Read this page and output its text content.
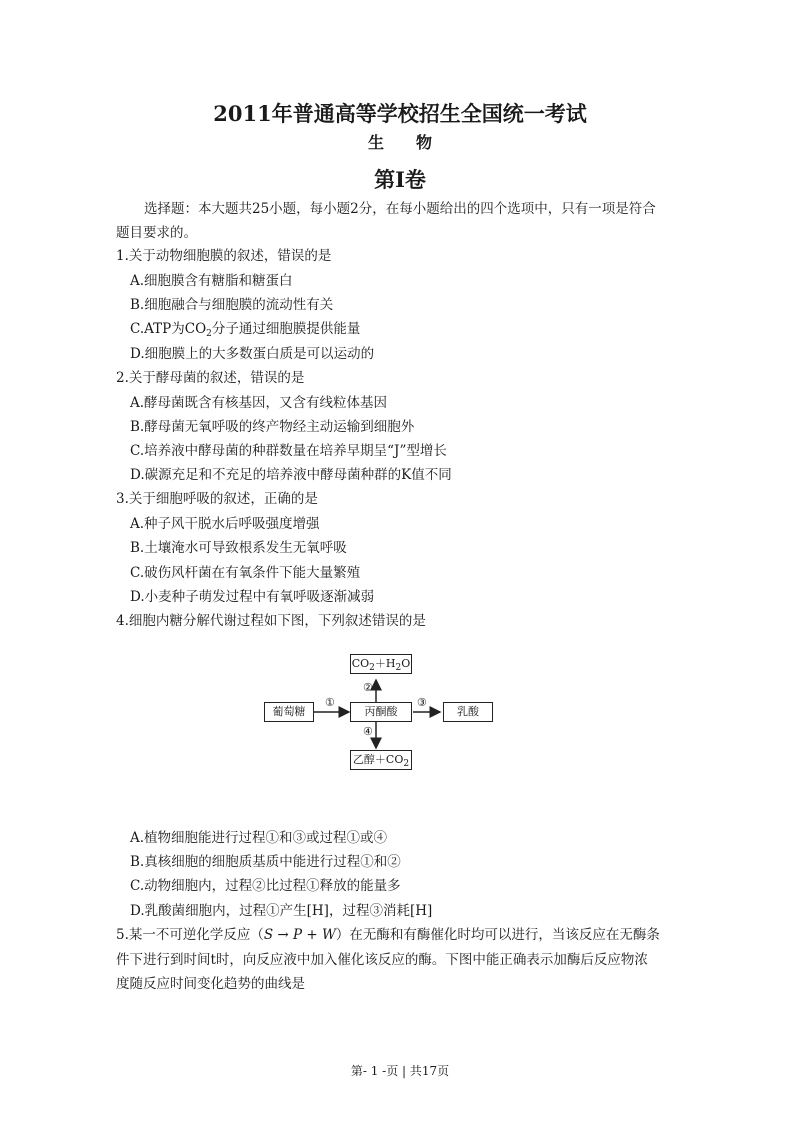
2011年普通高等学校招生全国统一考试
生　　物
第I卷
选择题：本大题共25小题，每小题2分，在每小题给出的四个选项中，只有一项是符合
题目要求的。
1.关于动物细胞膜的叙述，错误的是
A.细胞膜含有糖脂和糖蛋白
B.细胞融合与细胞膜的流动性有关
C.ATP为$CO_2$分子通过细胞膜提供能量
D.细胞膜上的大多数蛋白质是可以运动的
2.关于酵母菌的叙述，错误的是
A.酵母菌既含有核基因，又含有线粒体基因
B.酵母菌无氧呼吸的终产物经主动运输到细胞外
C.培养液中酵母菌的种群数量在培养早期呈“J”型增长
D.碳源充足和不充足的培养液中酵母菌种群的K值不同
3.关于细胞呼吸的叙述，正确的是
A.种子风干脱水后呼吸强度增强
B.土壤淹水可导致根系发生无氧呼吸
C.破伤风杆菌在有氧条件下能大量繁殖
D.小麦种子萌发过程中有氧呼吸逐渐减弱
4.细胞内糖分解代谢过程如下图，下列叙述错误的是
$CO_2+H_2O$
葡萄糖	丙酮酸	乳酸
乙醇$+CO_2$
①
②
③
④
A.植物细胞能进行过程①和③或过程①或④
B.真核细胞的细胞质基质中能进行过程①和②
C.动物细胞内，过程②比过程①释放的能量多
D.乳酸菌细胞内，过程①产生[H]，过程③消耗[H]
5.某一不可逆化学反应（S → P + W）在无酶和有酶催化时均可以进行，当该反应在无酶条
件下进行到时间t时，向反应液中加入催化该反应的酶。下图中能正确表示加酶后反应物浓
度随反应时间变化趋势的曲线是
第- 1 -页 | 共17页
